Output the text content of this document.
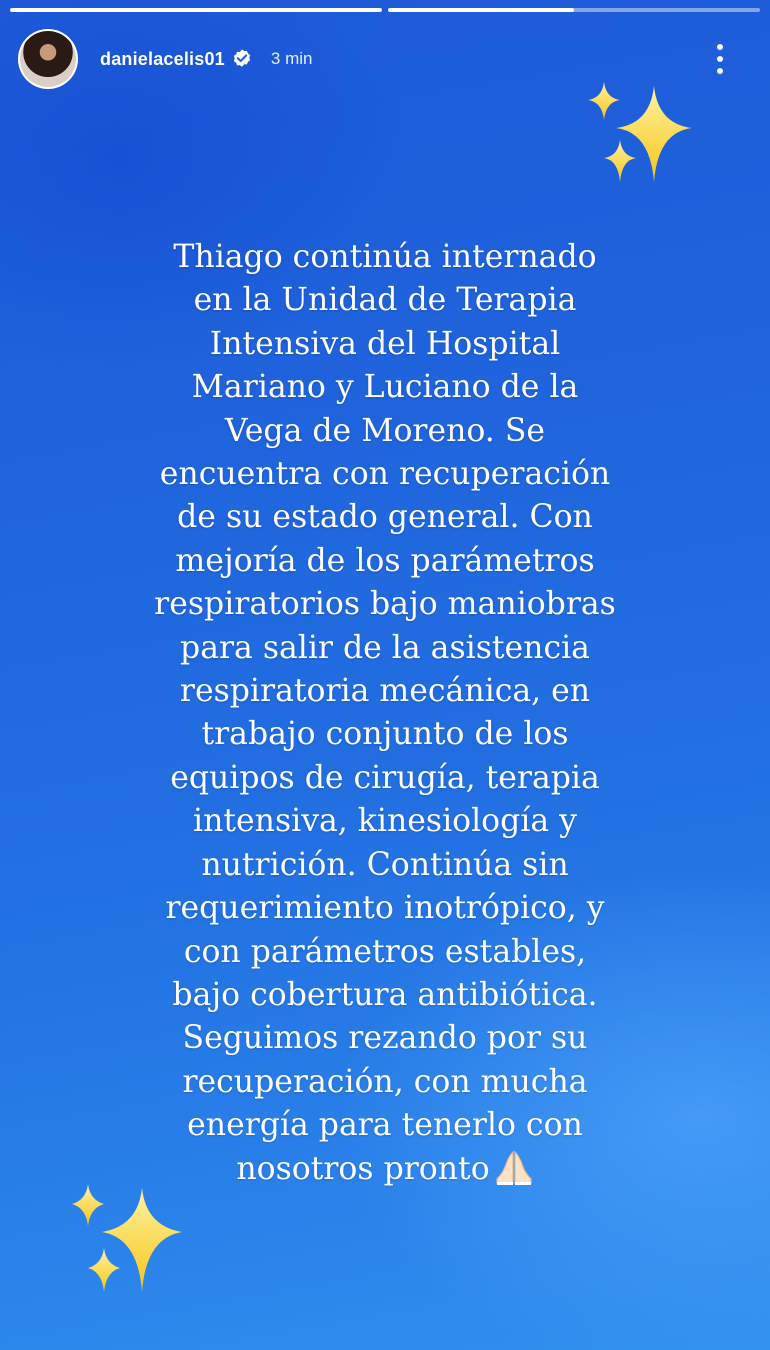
danielacelis01	3 min

Thiago continúa internado
en la Unidad de Terapia
Intensiva del Hospital
Mariano y Luciano de la
Vega de Moreno. Se
encuentra con recuperación
de su estado general. Con
mejoría de los parámetros
respiratorios bajo maniobras
para salir de la asistencia
respiratoria mecánica, en
trabajo conjunto de los
equipos de cirugía, terapia
intensiva, kinesiología y
nutrición. Continúa sin
requerimiento inotrópico, y
con parámetros estables,
bajo cobertura antibiótica.
Seguimos rezando por su
recuperación, con mucha
energía para tenerlo con
nosotros pronto
